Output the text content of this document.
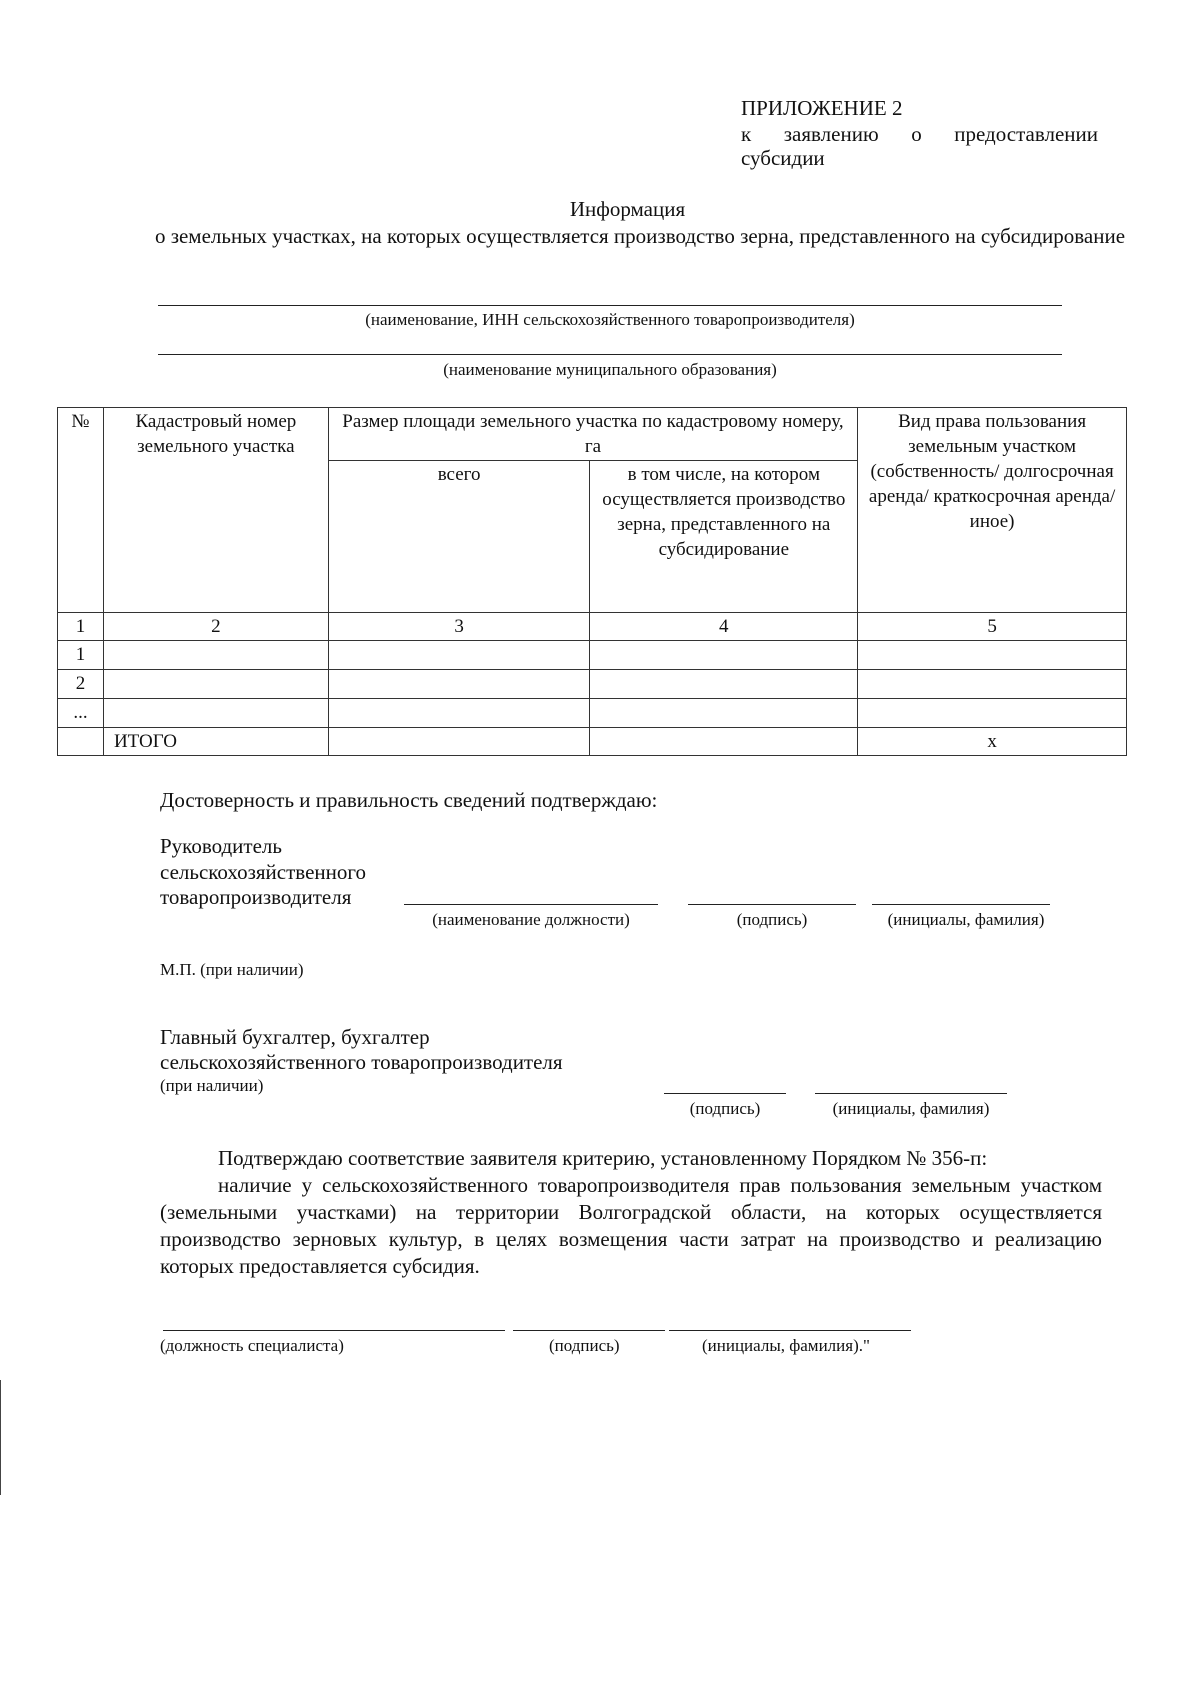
ПРИЛОЖЕНИЕ 2
к заявлению о предоставлении
субсидии
Информация
о земельных участках, на которых осуществляется производство зерна, представленного на субсидирование
(наименование, ИНН сельскохозяйственного товаропроизводителя)
(наименование муниципального образования)
№	Кадастровый номер земельного участка	Размер площади земельного участка по кадастровому номеру, га		Вид права пользования земельным участком (собственность/ долгосрочная аренда/ краткосрочная аренда/ иное)
		всего	в том числе, на котором осуществляется производство зерна, представленного на субсидирование	
1	2	3	4	5
1				
2				
...				
	ИТОГО			х
Достоверность и правильность сведений подтверждаю:
Руководитель
сельскохозяйственного
товаропроизводителя
(наименование должности)	(подпись)	(инициалы, фамилия)
М.П. (при наличии)
Главный бухгалтер, бухгалтер
сельскохозяйственного товаропроизводителя
(при наличии)
(подпись)	(инициалы, фамилия)
Подтверждаю соответствие заявителя критерию, установленному Порядком № 356-п:
наличие у сельскохозяйственного товаропроизводителя прав пользования земельным участком (земельными участками) на территории Волгоградской области, на которых осуществляется производство зерновых культур, в целях возмещения части затрат на производство и реализацию которых предоставляется субсидия.
(должность специалиста)	(подпись)	(инициалы, фамилия)."
